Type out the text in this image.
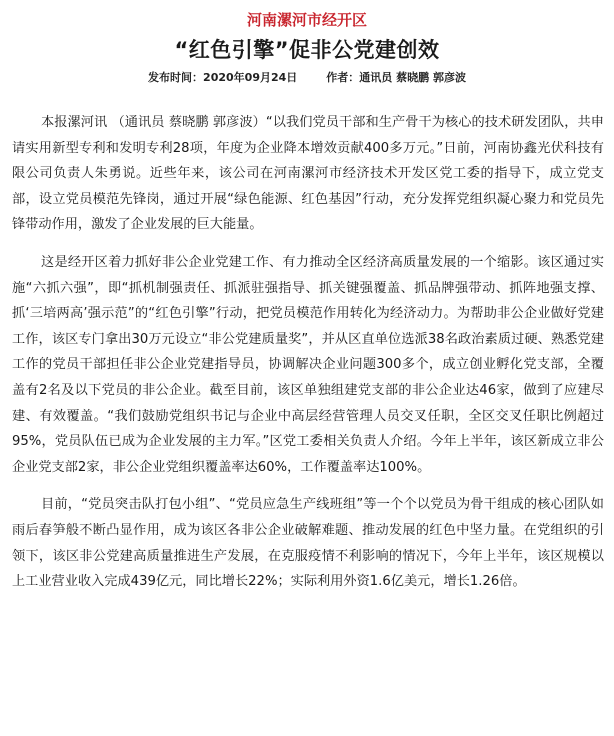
河南漯河市经开区
“红色引擎”促非公党建创效
发布时间：2020年09月24日	作者：通讯员 蔡晓鹏 郭彦波

本报漯河讯 （通讯员 蔡晓鹏 郭彦波）“以我们党员干部和生产骨干为核心的技术研发团队，共申请实用新型专利和发明专利28项，年度为企业降本增效贡献400多万元。”日前，河南协鑫光伏科技有限公司负责人朱勇说。近些年来，该公司在河南漯河市经济技术开发区党工委的指导下，成立党支部，设立党员模范先锋岗，通过开展“绿色能源、红色基因”行动，充分发挥党组织凝心聚力和党员先锋带动作用，激发了企业发展的巨大能量。

这是经开区着力抓好非公企业党建工作、有力推动全区经济高质量发展的一个缩影。该区通过实施“六抓六强”，即“抓机制强责任、抓派驻强指导、抓关键强覆盖、抓品牌强带动、抓阵地强支撑、抓‘三培两高’强示范”的“红色引擎”行动，把党员模范作用转化为经济动力。为帮助非公企业做好党建工作，该区专门拿出30万元设立“非公党建质量奖”，并从区直单位选派38名政治素质过硬、熟悉党建工作的党员干部担任非公企业党建指导员，协调解决企业问题300多个，成立创业孵化党支部，全覆盖有2名及以下党员的非公企业。截至目前，该区单独组建党支部的非公企业达46家，做到了应建尽建、有效覆盖。“我们鼓励党组织书记与企业中高层经营管理人员交叉任职，全区交叉任职比例超过95%，党员队伍已成为企业发展的主力军。”区党工委相关负责人介绍。今年上半年，该区新成立非公企业党支部2家，非公企业党组织覆盖率达60%，工作覆盖率达100%。

目前，“党员突击队打包小组”、“党员应急生产线班组”等一个个以党员为骨干组成的核心团队如雨后春笋般不断凸显作用，成为该区各非公企业破解难题、推动发展的红色中坚力量。在党组织的引领下，该区非公党建高质量推进生产发展，在克服疫情不利影响的情况下，今年上半年，该区规模以上工业营业收入完成439亿元，同比增长22%；实际利用外资1.6亿美元，增长1.26倍。
